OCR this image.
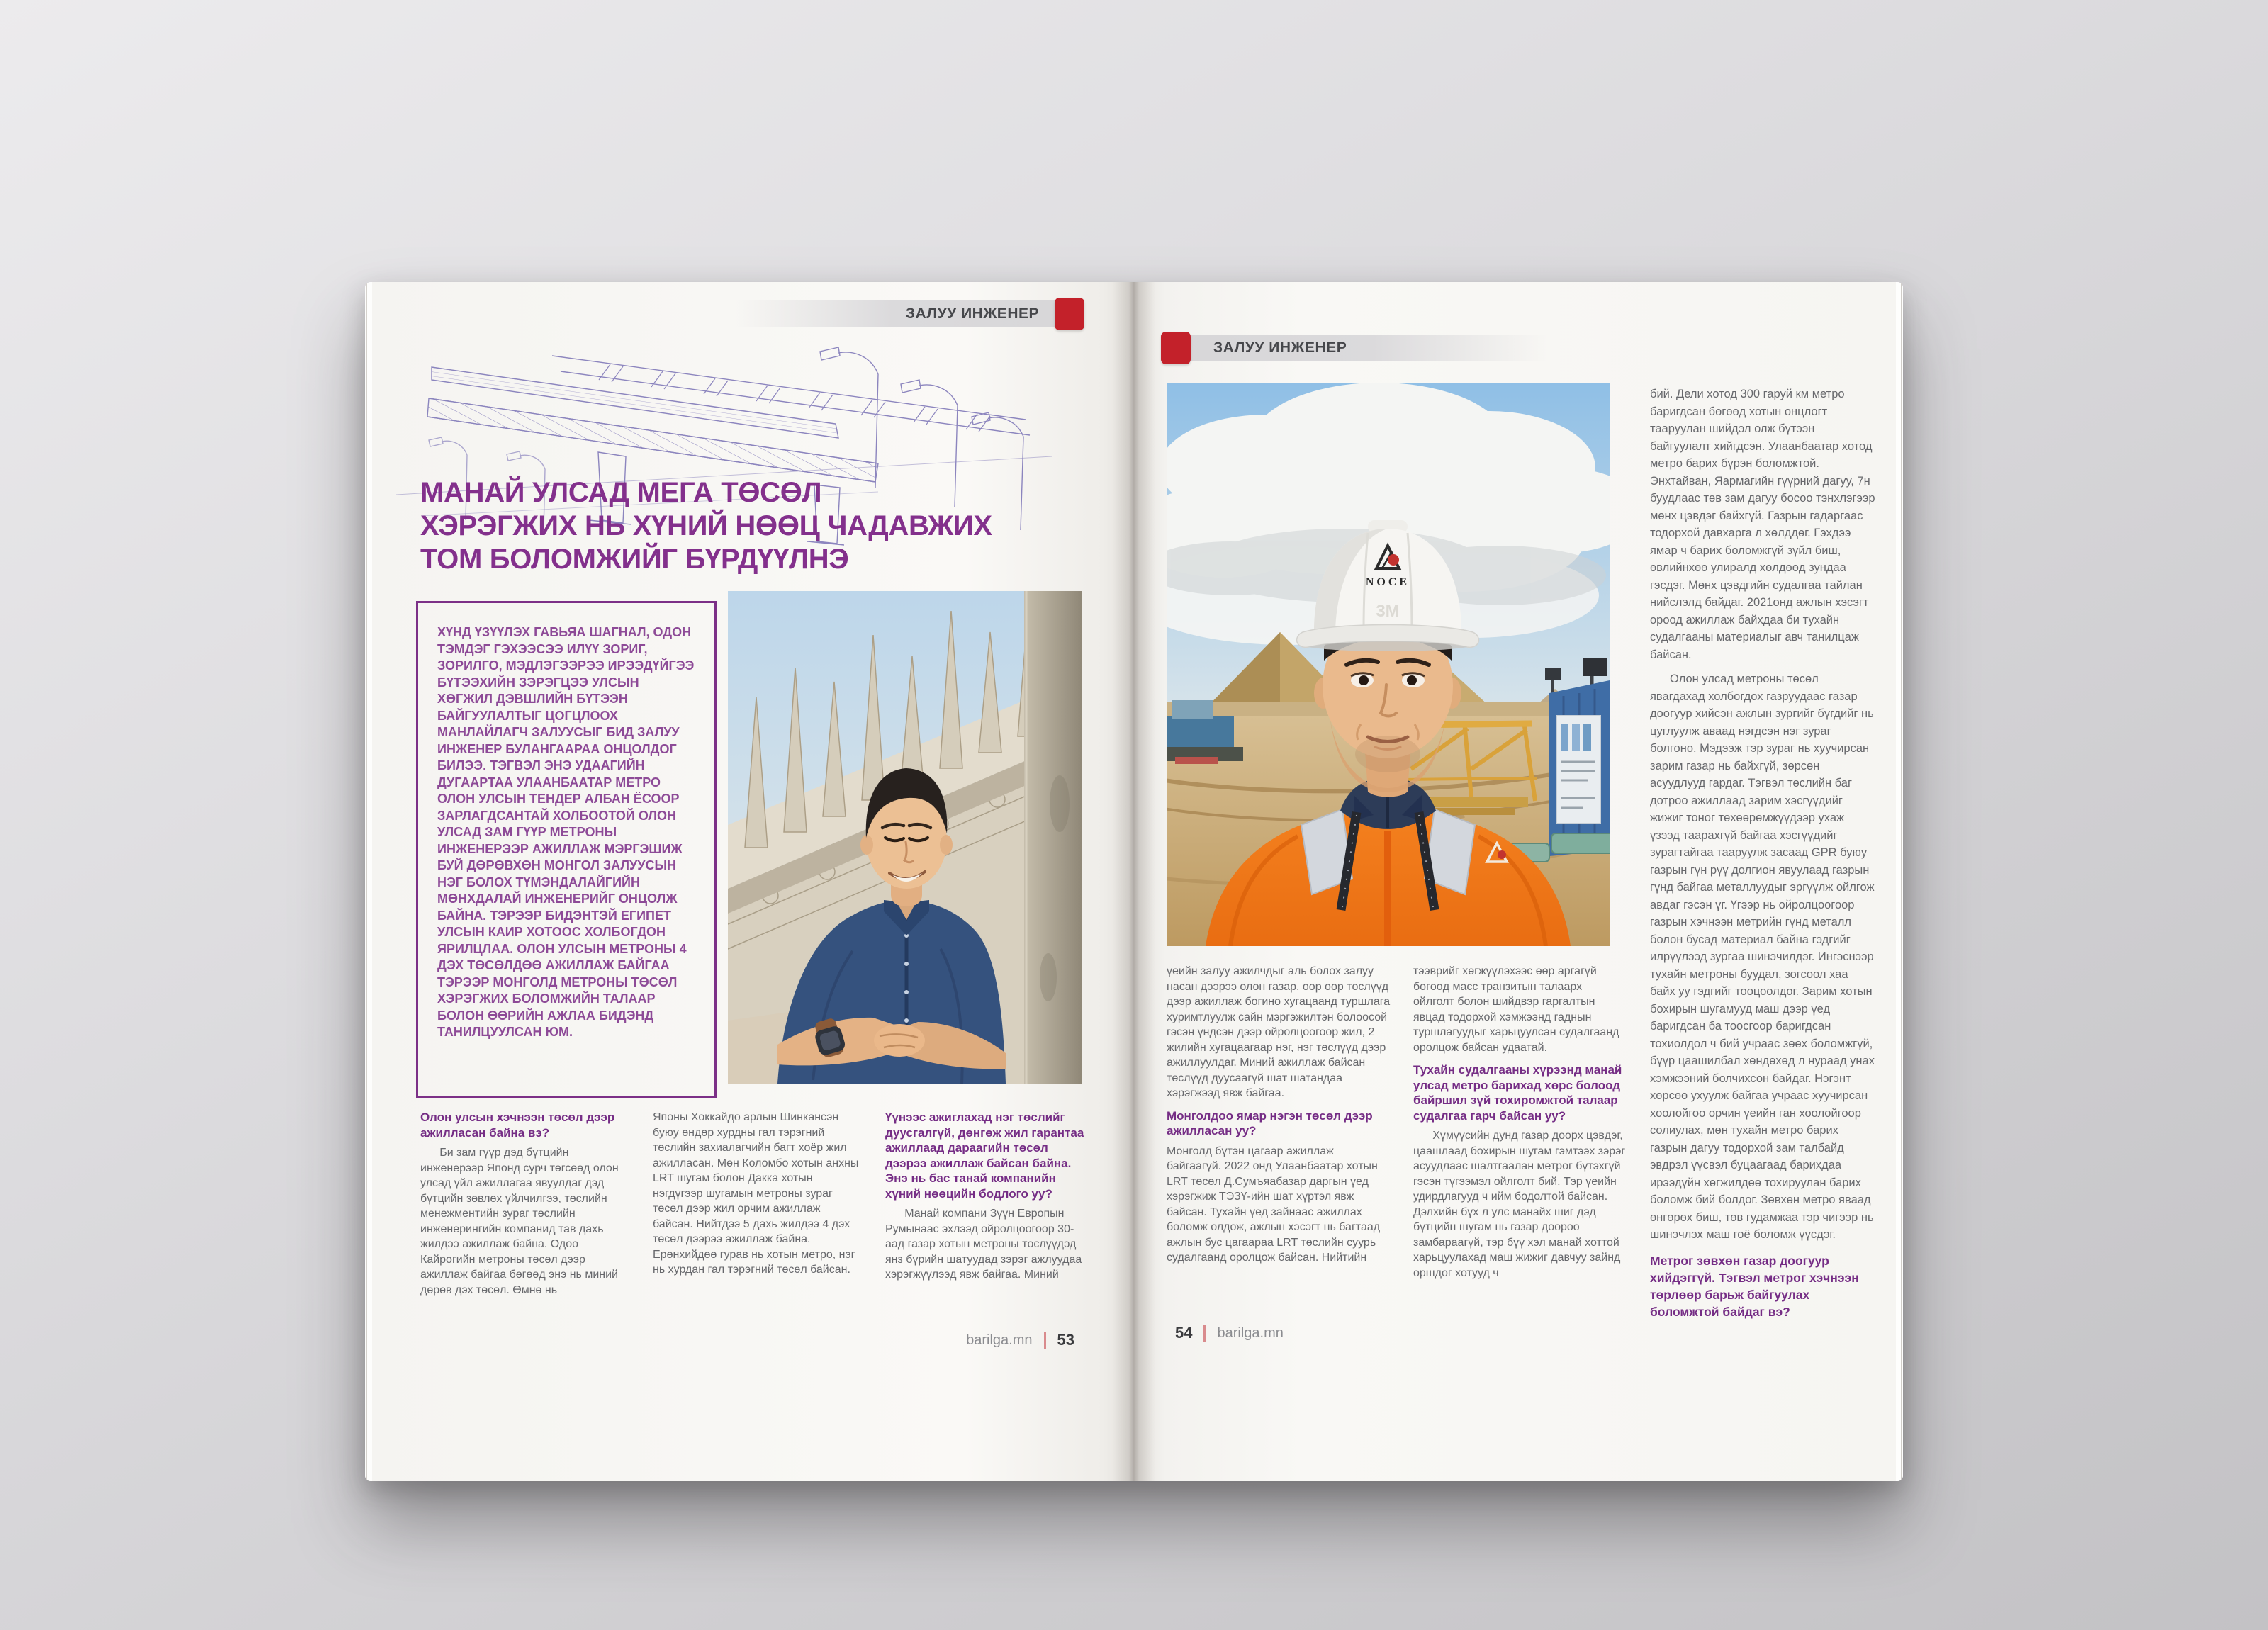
ЗАЛУУ ИНЖЕНЕР
МАНАЙ УЛСАД МЕГА ТӨСӨЛ
ХЭРЭГЖИХ НЬ ХҮНИЙ НӨӨЦ ЧАДАВЖИХ
ТОМ БОЛОМЖИЙГ БҮРДҮҮЛНЭ

ХҮНД ҮЗҮҮЛЭХ ГАВЬЯА ШАГНАЛ, ОДОН ТЭМДЭГ ГЭХЭЭСЭЭ ИЛҮҮ ЗОРИГ, ЗОРИЛГО, МЭДЛЭГЭЭРЭЭ ИРЭЭДҮЙГЭЭ БҮТЭЭХИЙН ЗЭРЭГЦЭЭ УЛСЫН ХӨГЖИЛ ДЭВШЛИЙН БҮТЭЭН БАЙГУУЛАЛТЫГ ЦОГЦЛООХ МАНЛАЙЛАГЧ ЗАЛУУСЫГ БИД ЗАЛУУ ИНЖЕНЕР БУЛАНГААРАА ОНЦОЛДОГ БИЛЭЭ. ТЭГВЭЛ ЭНЭ УДААГИЙН ДУГААРТАА УЛААНБААТАР МЕТРО ОЛОН УЛСЫН ТЕНДЕР АЛБАН ЁСООР ЗАРЛАГДСАНТАЙ ХОЛБООТОЙ ОЛОН УЛСАД ЗАМ ГҮҮР МЕТРОНЫ ИНЖЕНЕРЭЭР АЖИЛЛАЖ МЭРГЭШИЖ БУЙ ДӨРӨВХӨН МОНГОЛ ЗАЛУУСЫН НЭГ БОЛОХ ТҮМЭНДАЛАЙГИЙН МӨНХДАЛАЙ ИНЖЕНЕРИЙГ ОНЦОЛЖ БАЙНА. ТЭРЭЭР БИДЭНТЭЙ ЕГИПЕТ УЛСЫН КАИР ХОТООС ХОЛБОГДОН ЯРИЛЦЛАА. ОЛОН УЛСЫН МЕТРОНЫ 4 ДЭХ ТӨСӨЛДӨӨ АЖИЛЛАЖ БАЙГАА ТЭРЭЭР МОНГОЛД МЕТРОНЫ ТӨСӨЛ ХЭРЭГЖИХ БОЛОМЖИЙН ТАЛААР БОЛОН ӨӨРИЙН АЖЛАА БИДЭНД ТАНИЛЦУУЛСАН ЮМ.

Олон улсын хэчнээн төсөл дээр ажилласан байна вэ?

Би зам гүүр дэд бүтцийн инженерээр Японд сурч төгсөөд олон улсад үйл ажиллагаа явуулдаг дэд бүтцийн зөвлөх үйлчилгээ, төслийн менежментийн зураг төслийн инженерингийн компанид тав дахь жилдээ ажиллаж байна. Одоо Кайрогийн метроны төсөл дээр ажиллаж байгаа бөгөөд энэ нь миний дөрөв дэх төсөл. Өмнө нь

Японы Хоккайдо арлын Шинкансэн буюу өндөр хурдны гал тэрэгний төслийн захиалагчийн багт хоёр жил ажилласан. Мөн Коломбо хотын анхны LRT шугам болон Дакка хотын нэгдүгээр шугамын метроны зураг төсөл дээр жил орчим ажиллаж байсан. Нийтдээ 5 дахь жилдээ 4 дэх төсөл дээрээ ажиллаж байна. Ерөнхийдөө гурав нь хотын метро, нэг нь хурдан гал тэрэгний төсөл байсан.

Үүнээс ажиглахад нэг төслийг дуусгалгүй, дөнгөж жил гарантаа ажиллаад дараагийн төсөл дээрээ ажиллаж байсан байна. Энэ нь бас танай компанийн хүний нөөцийн бодлого уу?

Манай компани Зүүн Европын Румынаас эхлээд ойролцоогоор 30-аад газар хотын метроны төслүүдэд янз бүрийн шатуудад зэрэг ажлуудаа хэрэгжүүлээд явж байгаа. Миний

barilga.mn 53
ЗАЛУУ ИНЖЕНЕР
NOCE
3M

үеийн залуу ажилчдыг аль болох залуу насан дээрээ олон газар, өөр өөр төслүүд дээр ажиллаж богино хугацаанд туршлага хуримтлуулж сайн мэргэжилтэн болоосой гэсэн үндсэн дээр ойролцоогоор жил, 2 жилийн хугацаагаар нэг, нэг төслүүд дээр ажиллуулдаг. Миний ажиллаж байсан төслүүд дуусаагүй шат шатандаа хэрэгжээд явж байгаа.

Монголдоо ямар нэгэн төсөл дээр ажилласан уу?

Монголд бүтэн цагаар ажиллаж байгаагүй. 2022 онд Улаанбаатар хотын LRT төсөл Д.Сумъяабазар даргын үед хэрэгжиж ТЭЗҮ-ийн шат хүртэл явж байсан. Тухайн үед зайнаас ажиллах боломж олдож, ажлын хэсэгт нь багтаад ажлын бус цагаараа LRT төслийн суурь судалгаанд оролцож байсан. Нийтийн

тээврийг хөгжүүлэхээс өөр аргагүй бөгөөд масс транзитын талаарх ойлголт болон шийдвэр гаргалтын явцад тодорхой хэмжээнд гаднын туршлагуудыг харьцуулсан судалгаанд оролцож байсан удаатай.

Тухайн судалгааны хүрээнд манай улсад метро барихад хөрс болоод байршил зүй тохиромжтой талаар судалгаа гарч байсан уу?

Хүмүүсийн дунд газар доорх цэвдэг, цаашлаад бохирын шугам гэмтээх зэрэг асуудлаас шалтгаалан метрог бүтэхгүй гэсэн түгээмэл ойлголт бий. Тэр үеийн удирдлагууд ч ийм бодолтой байсан. Дэлхийн бүх л улс манайх шиг дэд бүтцийн шугам нь газар доороо замбараагүй, тэр бүү хэл манай хоттой харьцуулахад маш жижиг давчуу зайнд оршдог хотууд ч

бий. Дели хотод 300 гаруй км метро баригдсан бөгөөд хотын онцлогт тааруулан шийдэл олж бүтээн байгуулалт хийгдсэн. Улаанбаатар хотод метро барих бүрэн боломжтой. Энхтайван, Яармагийн гүүрний дагуу, 7н буудлаас төв зам дагуу босоо тэнхлэгээр мөнх цэвдэг байхгүй. Газрын гадаргаас тодорхой давхарга л хөлддөг. Гэхдээ ямар ч барих боломжгүй зүйл биш, өвлийнхөө улиралд хөлдөөд зундаа гэсдэг. Мөнх цэвдгийн судалгаа тайлан нийслэлд байдаг. 2021онд ажлын хэсэгт ороод ажиллаж байхдаа би тухайн судалгааны материалыг авч танилцаж байсан.

Олон улсад метроны төсөл явагдахад холбогдох газруудаас газар доогуур хийсэн ажлын зургийг бүгдийг нь цуглуулж аваад нэгдсэн нэг зураг болгоно. Мэдээж тэр зураг нь хуучирсан зарим газар нь байхгүй, зөрсөн асуудлууд гардаг. Тэгвэл төслийн баг дотроо ажиллаад зарим хэсгүүдийг жижиг тоног төхөөрөмжүүдээр ухаж үзээд таарахгүй байгаа хэсгүүдийг зурагтайгаа тааруулж засаад GPR буюу газрын гүн рүү долгион явуулаад газрын гүнд байгаа металлуудыг эргүүлж ойлгож авдаг гэсэн үг. Үгээр нь ойролцоогоор газрын хэчнээн метрийн гүнд металл болон бусад материал байна гэдгийг илрүүлээд зургаа шинэчилдэг. Ингэснээр тухайн метроны буудал, зогсоол хаа байх уу гэдгийг тооцоолдог. Зарим хотын бохирын шугамууд маш дээр үед баригдсан ба тоосгоор баригдсан тохиолдол ч бий учраас зөөх боломжгүй, бүүр цаашилбал хөндөхөд л нураад унах хэмжээний болчихсон байдаг. Нэгэнт хөрсөө ухуулж байгаа учраас хуучирсан хоолойгоо орчин үеийн ган хоолойгоор солиулах, мөн тухайн метро барих газрын дагуу тодорхой зам талбайд эвдрэл үүсвэл буцаагаад барихдаа ирээдүйн хөгжилдөө тохируулан барих боломж бий болдог. Зөвхөн метро яваад өнгөрөх биш, төв гудамжаа тэр чигээр нь шинэчлэх маш гоё боломж үүсдэг.

Метрог зөвхөн газар доогуур хийдэггүй. Тэгвэл метрог хэчнээн төрлөөр барьж байгуулах боломжтой байдаг вэ?
54 barilga.mn
